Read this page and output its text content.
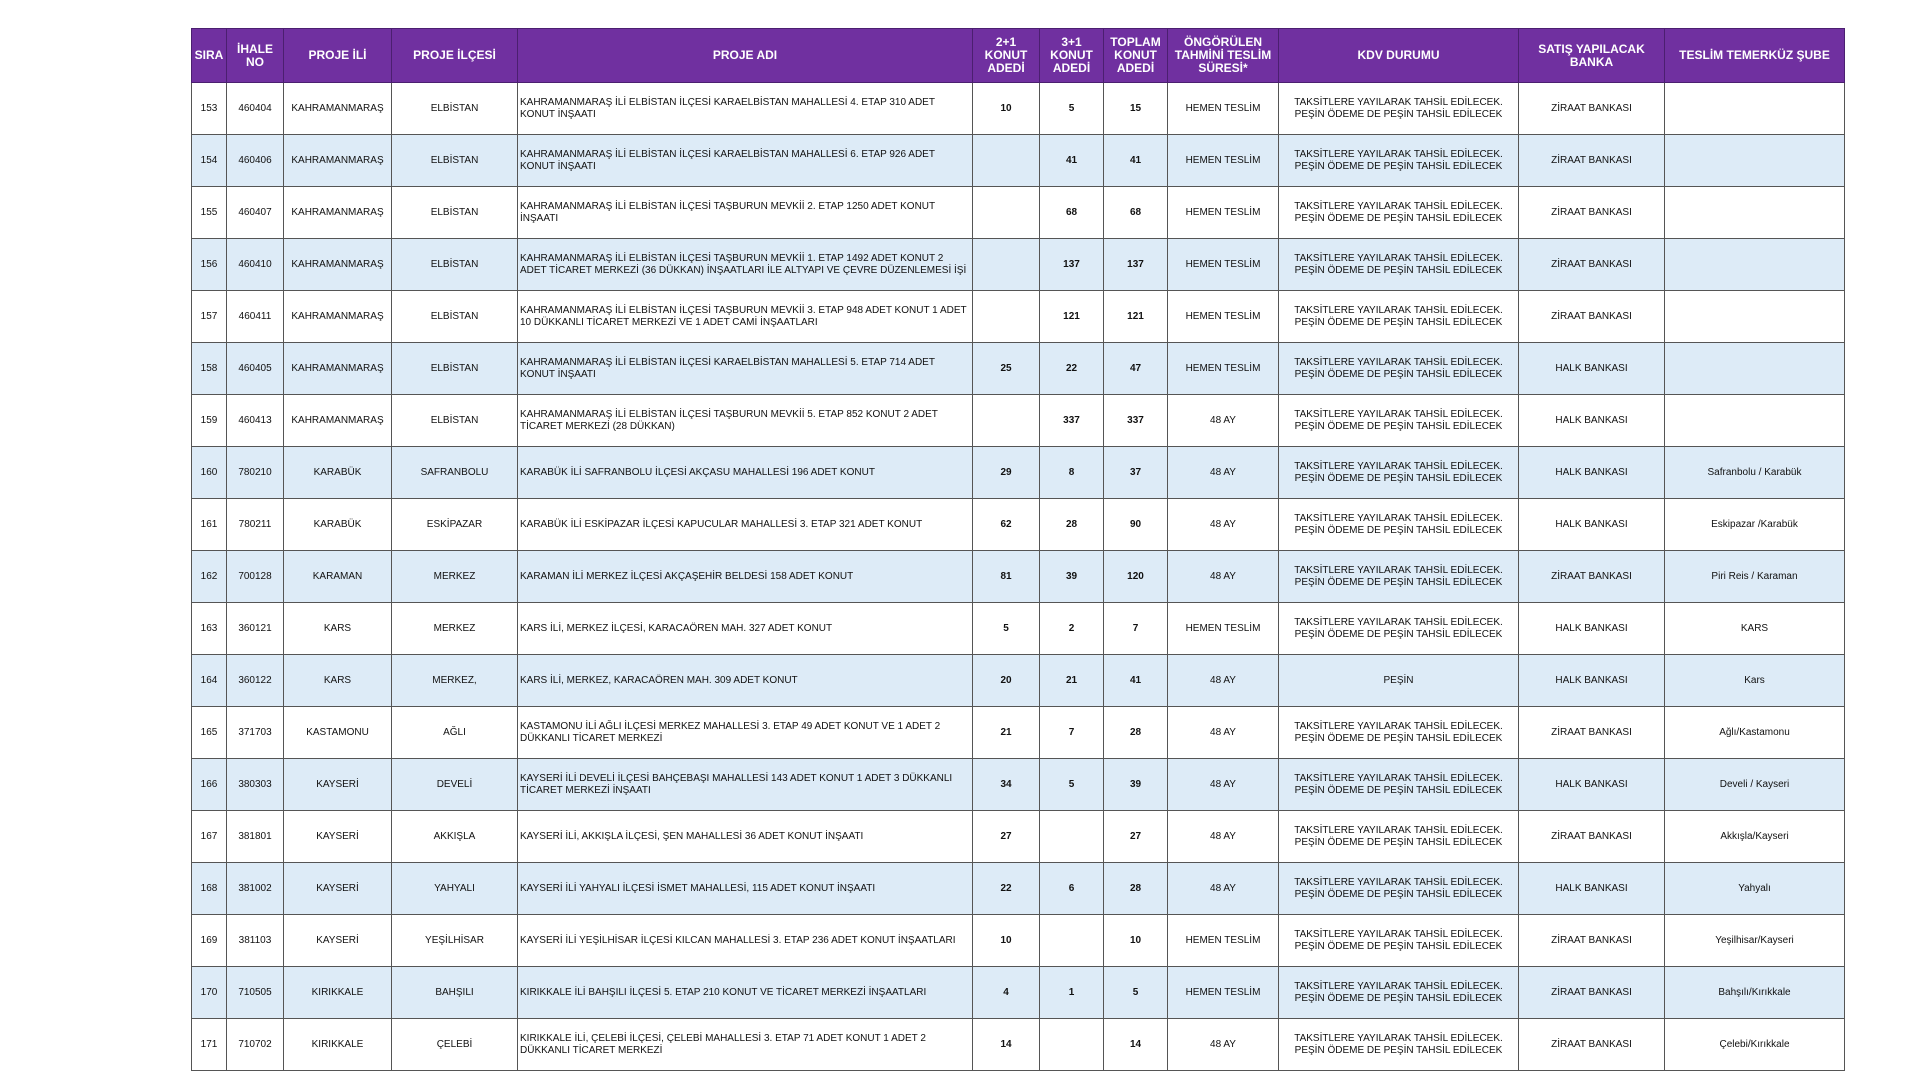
SIRA	İHALE NO	PROJE İLİ	PROJE İLÇESİ	PROJE ADI	2+1 KONUT ADEDİ	3+1 KONUT ADEDİ	TOPLAM KONUT ADEDİ	ÖNGÖRÜLEN TAHMİNİ TESLİM SÜRESİ*	KDV DURUMU	SATIŞ YAPILACAK BANKA	TESLİM TEMERKÜZ ŞUBE
153	460404	KAHRAMANMARAŞ	ELBİSTAN	KAHRAMANMARAŞ İLİ ELBİSTAN İLÇESİ KARAELBİSTAN MAHALLESİ 4. ETAP 310 ADET KONUT İNŞAATI	10	5	15	HEMEN TESLİM	TAKSİTLERE YAYILARAK TAHSİL EDİLECEK. PEŞİN ÖDEME DE PEŞİN TAHSİL EDİLECEK	ZİRAAT BANKASI	
154	460406	KAHRAMANMARAŞ	ELBİSTAN	KAHRAMANMARAŞ İLİ ELBİSTAN İLÇESİ KARAELBİSTAN MAHALLESİ 6. ETAP 926 ADET KONUT İNŞAATI		41	41	HEMEN TESLİM	TAKSİTLERE YAYILARAK TAHSİL EDİLECEK. PEŞİN ÖDEME DE PEŞİN TAHSİL EDİLECEK	ZİRAAT BANKASI	
155	460407	KAHRAMANMARAŞ	ELBİSTAN	KAHRAMANMARAŞ İLİ ELBİSTAN İLÇESİ TAŞBURUN MEVKİİ 2. ETAP 1250 ADET KONUT İNŞAATI		68	68	HEMEN TESLİM	TAKSİTLERE YAYILARAK TAHSİL EDİLECEK. PEŞİN ÖDEME DE PEŞİN TAHSİL EDİLECEK	ZİRAAT BANKASI	
156	460410	KAHRAMANMARAŞ	ELBİSTAN	KAHRAMANMARAŞ İLİ ELBİSTAN İLÇESİ TAŞBURUN MEVKİİ 1. ETAP 1492 ADET KONUT 2 ADET TİCARET MERKEZİ (36 DÜKKAN) İNŞAATLARI İLE ALTYAPI VE ÇEVRE DÜZENLEMESİ İŞİ		137	137	HEMEN TESLİM	TAKSİTLERE YAYILARAK TAHSİL EDİLECEK. PEŞİN ÖDEME DE PEŞİN TAHSİL EDİLECEK	ZİRAAT BANKASI	
157	460411	KAHRAMANMARAŞ	ELBİSTAN	KAHRAMANMARAŞ İLİ ELBİSTAN İLÇESİ TAŞBURUN MEVKİİ 3. ETAP 948 ADET KONUT 1 ADET 10 DÜKKANLI TİCARET MERKEZİ VE 1 ADET CAMİ İNŞAATLARI		121	121	HEMEN TESLİM	TAKSİTLERE YAYILARAK TAHSİL EDİLECEK. PEŞİN ÖDEME DE PEŞİN TAHSİL EDİLECEK	ZİRAAT BANKASI	
158	460405	KAHRAMANMARAŞ	ELBİSTAN	KAHRAMANMARAŞ İLİ ELBİSTAN İLÇESİ KARAELBİSTAN MAHALLESİ 5. ETAP 714 ADET KONUT İNŞAATI	25	22	47	HEMEN TESLİM	TAKSİTLERE YAYILARAK TAHSİL EDİLECEK. PEŞİN ÖDEME DE PEŞİN TAHSİL EDİLECEK	HALK BANKASI	
159	460413	KAHRAMANMARAŞ	ELBİSTAN	KAHRAMANMARAŞ İLİ ELBİSTAN İLÇESİ TAŞBURUN MEVKİİ 5. ETAP 852 KONUT 2 ADET TİCARET MERKEZİ (28 DÜKKAN)		337	337	48 AY	TAKSİTLERE YAYILARAK TAHSİL EDİLECEK. PEŞİN ÖDEME DE PEŞİN TAHSİL EDİLECEK	HALK BANKASI	
160	780210	KARABÜK	SAFRANBOLU	KARABÜK İLİ SAFRANBOLU İLÇESİ AKÇASU MAHALLESİ 196 ADET KONUT	29	8	37	48 AY	TAKSİTLERE YAYILARAK TAHSİL EDİLECEK. PEŞİN ÖDEME DE PEŞİN TAHSİL EDİLECEK	HALK BANKASI	Safranbolu / Karabük
161	780211	KARABÜK	ESKİPAZAR	KARABÜK İLİ ESKİPAZAR İLÇESİ KAPUCULAR MAHALLESİ 3. ETAP 321 ADET KONUT	62	28	90	48 AY	TAKSİTLERE YAYILARAK TAHSİL EDİLECEK. PEŞİN ÖDEME DE PEŞİN TAHSİL EDİLECEK	HALK BANKASI	Eskipazar /Karabük
162	700128	KARAMAN	MERKEZ	KARAMAN İLİ MERKEZ İLÇESİ AKÇAŞEHİR BELDESİ 158 ADET KONUT	81	39	120	48 AY	TAKSİTLERE YAYILARAK TAHSİL EDİLECEK. PEŞİN ÖDEME DE PEŞİN TAHSİL EDİLECEK	ZİRAAT BANKASI	Piri Reis / Karaman
163	360121	KARS	MERKEZ	KARS İLİ, MERKEZ İLÇESİ, KARACAÖREN MAH. 327 ADET KONUT	5	2	7	HEMEN TESLİM	TAKSİTLERE YAYILARAK TAHSİL EDİLECEK. PEŞİN ÖDEME DE PEŞİN TAHSİL EDİLECEK	HALK BANKASI	KARS
164	360122	KARS	MERKEZ,	KARS İLİ, MERKEZ, KARACAÖREN MAH. 309 ADET KONUT	20	21	41	48 AY	PEŞİN	HALK BANKASI	Kars
165	371703	KASTAMONU	AĞLI	KASTAMONU İLİ AĞLI İLÇESİ MERKEZ MAHALLESİ 3. ETAP 49 ADET KONUT VE 1 ADET 2 DÜKKANLI TİCARET MERKEZİ	21	7	28	48 AY	TAKSİTLERE YAYILARAK TAHSİL EDİLECEK. PEŞİN ÖDEME DE PEŞİN TAHSİL EDİLECEK	ZİRAAT BANKASI	Ağlı/Kastamonu
166	380303	KAYSERİ	DEVELİ	KAYSERİ İLİ DEVELİ İLÇESİ BAHÇEBAŞI MAHALLESİ 143 ADET KONUT 1 ADET 3 DÜKKANLI TİCARET MERKEZİ İNŞAATI	34	5	39	48 AY	TAKSİTLERE YAYILARAK TAHSİL EDİLECEK. PEŞİN ÖDEME DE PEŞİN TAHSİL EDİLECEK	HALK BANKASI	Develi / Kayseri
167	381801	KAYSERİ	AKKIŞLA	KAYSERİ İLİ, AKKIŞLA İLÇESİ, ŞEN MAHALLESİ 36 ADET KONUT İNŞAATI	27		27	48 AY	TAKSİTLERE YAYILARAK TAHSİL EDİLECEK. PEŞİN ÖDEME DE PEŞİN TAHSİL EDİLECEK	ZİRAAT BANKASI	Akkışla/Kayseri
168	381002	KAYSERİ	YAHYALI	KAYSERİ İLİ YAHYALI İLÇESİ İSMET MAHALLESİ, 115 ADET KONUT İNŞAATI	22	6	28	48 AY	TAKSİTLERE YAYILARAK TAHSİL EDİLECEK. PEŞİN ÖDEME DE PEŞİN TAHSİL EDİLECEK	HALK BANKASI	Yahyalı
169	381103	KAYSERİ	YEŞİLHİSAR	KAYSERİ İLİ YEŞİLHİSAR İLÇESİ KILCAN MAHALLESİ 3. ETAP 236 ADET KONUT İNŞAATLARI	10		10	HEMEN TESLİM	TAKSİTLERE YAYILARAK TAHSİL EDİLECEK. PEŞİN ÖDEME DE PEŞİN TAHSİL EDİLECEK	ZİRAAT BANKASI	Yeşilhisar/Kayseri
170	710505	KIRIKKALE	BAHŞILI	KIRIKKALE İLİ BAHŞILI İLÇESİ 5. ETAP 210 KONUT VE TİCARET MERKEZİ İNŞAATLARI	4	1	5	HEMEN TESLİM	TAKSİTLERE YAYILARAK TAHSİL EDİLECEK. PEŞİN ÖDEME DE PEŞİN TAHSİL EDİLECEK	ZİRAAT BANKASI	Bahşılı/Kırıkkale
171	710702	KIRIKKALE	ÇELEBİ	KIRIKKALE İLİ, ÇELEBİ İLÇESİ, ÇELEBİ MAHALLESİ 3. ETAP 71 ADET KONUT 1 ADET 2 DÜKKANLI TİCARET MERKEZİ	14		14	48 AY	TAKSİTLERE YAYILARAK TAHSİL EDİLECEK. PEŞİN ÖDEME DE PEŞİN TAHSİL EDİLECEK	ZİRAAT BANKASI	Çelebi/Kırıkkale
